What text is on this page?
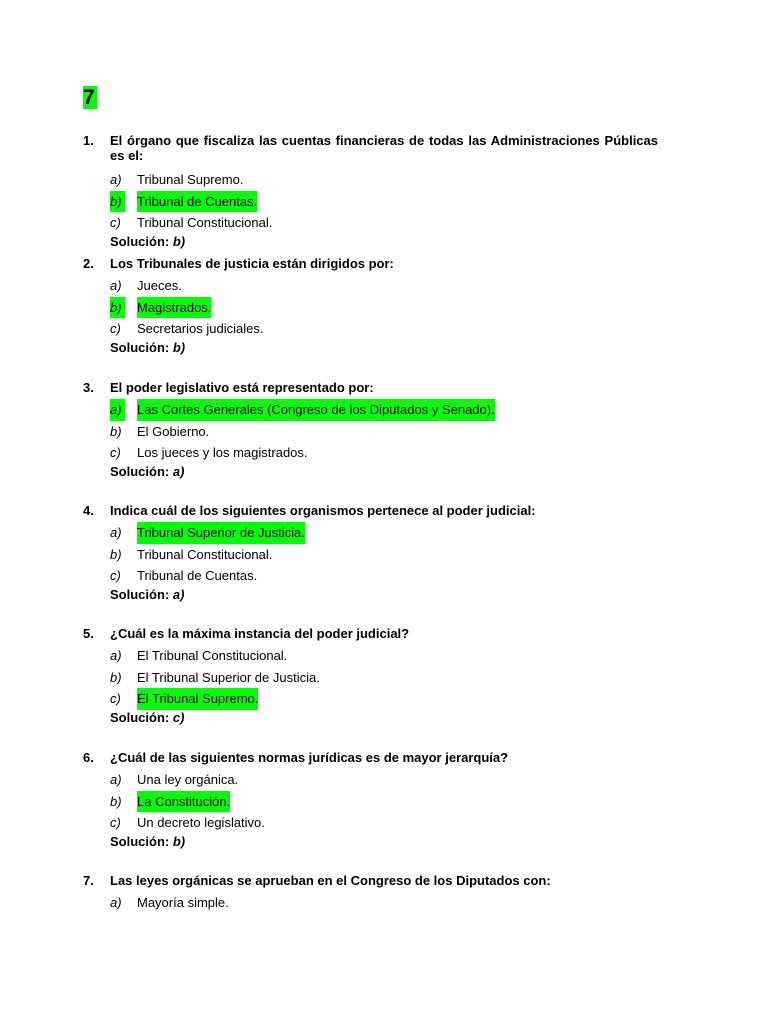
7
1.	El órgano que fiscaliza las cuentas financieras de todas las Administraciones Públicas es el:
a) Tribunal Supremo.
b) Tribunal de Cuentas.
c) Tribunal Constitucional.
Solución: b)
2.	Los Tribunales de justicia están dirigidos por:
a) Jueces.
b) Magistrados.
c) Secretarios judiciales.
Solución: b)
3.	El poder legislativo está representado por:
a) Las Cortes Generales (Congreso de los Diputados y Senado).
b) El Gobierno.
c) Los jueces y los magistrados.
Solución: a)
4.	Indica cuál de los siguientes organismos pertenece al poder judicial:
a) Tribunal Superior de Justicia.
b) Tribunal Constitucional.
c) Tribunal de Cuentas.
Solución: a)
5.	¿Cuál es la máxima instancia del poder judicial?
a) El Tribunal Constitucional.
b) El Tribunal Superior de Justicia.
c) El Tribunal Supremo.
Solución: c)
6.	¿Cuál de las siguientes normas jurídicas es de mayor jerarquía?
a) Una ley orgánica.
b) La Constitución.
c) Un decreto legislativo.
Solución: b)
7.	Las leyes orgánicas se aprueban en el Congreso de los Diputados con:
a) Mayoría simple.
